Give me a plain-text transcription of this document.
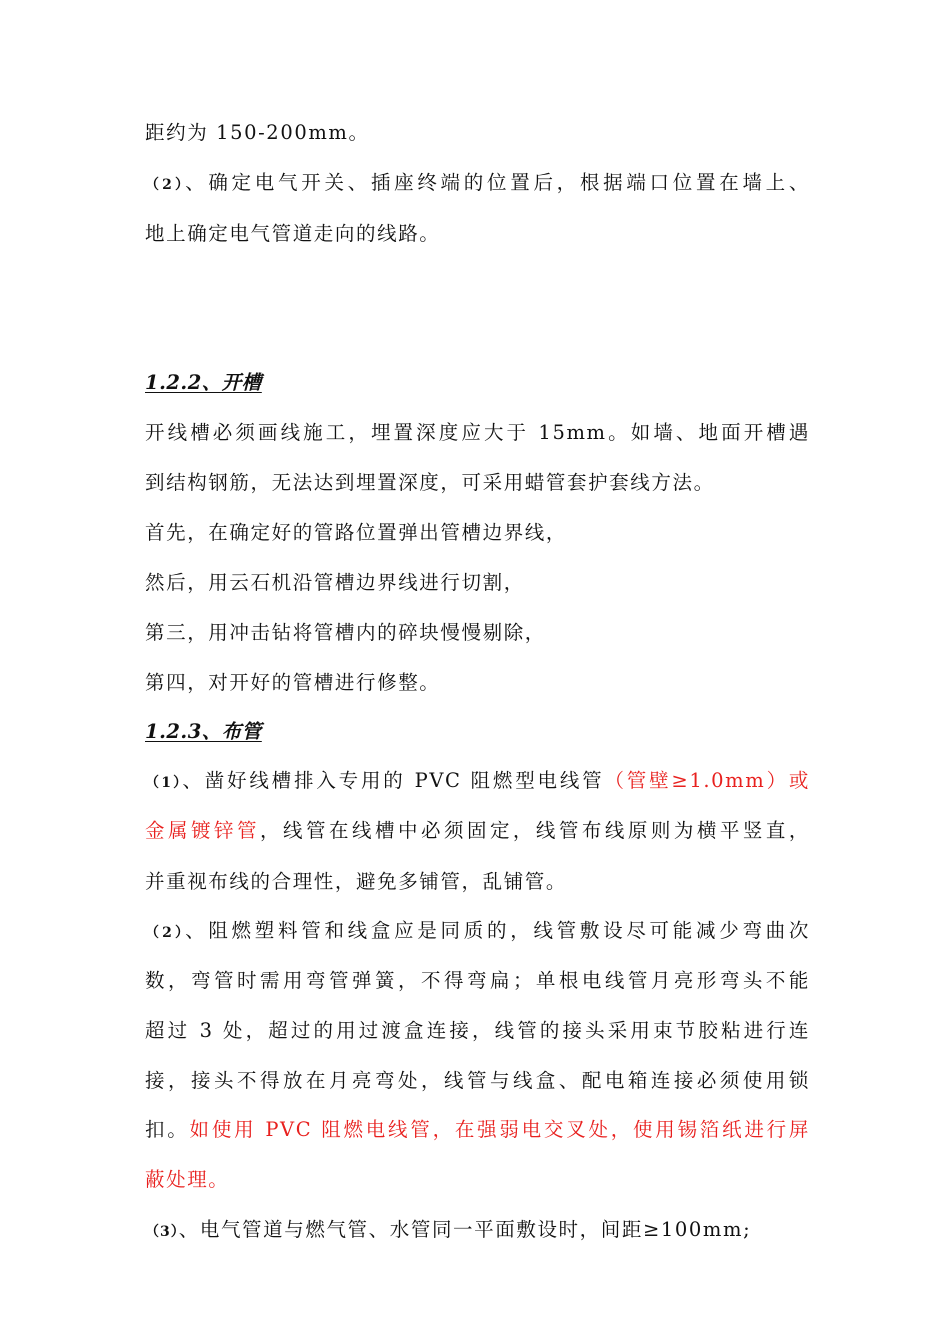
距约为 150-200mm。
（2）、确定电气开关、插座终端的位置后，根据端口位置在墙上、
地上确定电气管道走向的线路。
1.2.2、开槽
开线槽必须画线施工，埋置深度应大于 15mm。如墙、地面开槽遇
到结构钢筋，无法达到埋置深度，可采用蜡管套护套线方法。
首先，在确定好的管路位置弹出管槽边界线，
然后，用云石机沿管槽边界线进行切割，
第三，用冲击钻将管槽内的碎块慢慢剔除，
第四，对开好的管槽进行修整。
1.2.3、布管
（1）、凿好线槽排入专用的 PVC 阻燃型电线管（管壁≥1.0mm）或
金属镀锌管，线管在线槽中必须固定，线管布线原则为横平竖直，
并重视布线的合理性，避免多铺管，乱铺管。
（2）、阻燃塑料管和线盒应是同质的，线管敷设尽可能减少弯曲次
数，弯管时需用弯管弹簧，不得弯扁；单根电线管月亮形弯头不能
超过 3 处，超过的用过渡盒连接，线管的接头采用束节胶粘进行连
接，接头不得放在月亮弯处，线管与线盒、配电箱连接必须使用锁
扣。如使用 PVC 阻燃电线管，在强弱电交叉处，使用锡箔纸进行屏
蔽处理。
（3）、电气管道与燃气管、水管同一平面敷设时，间距≥100mm;
